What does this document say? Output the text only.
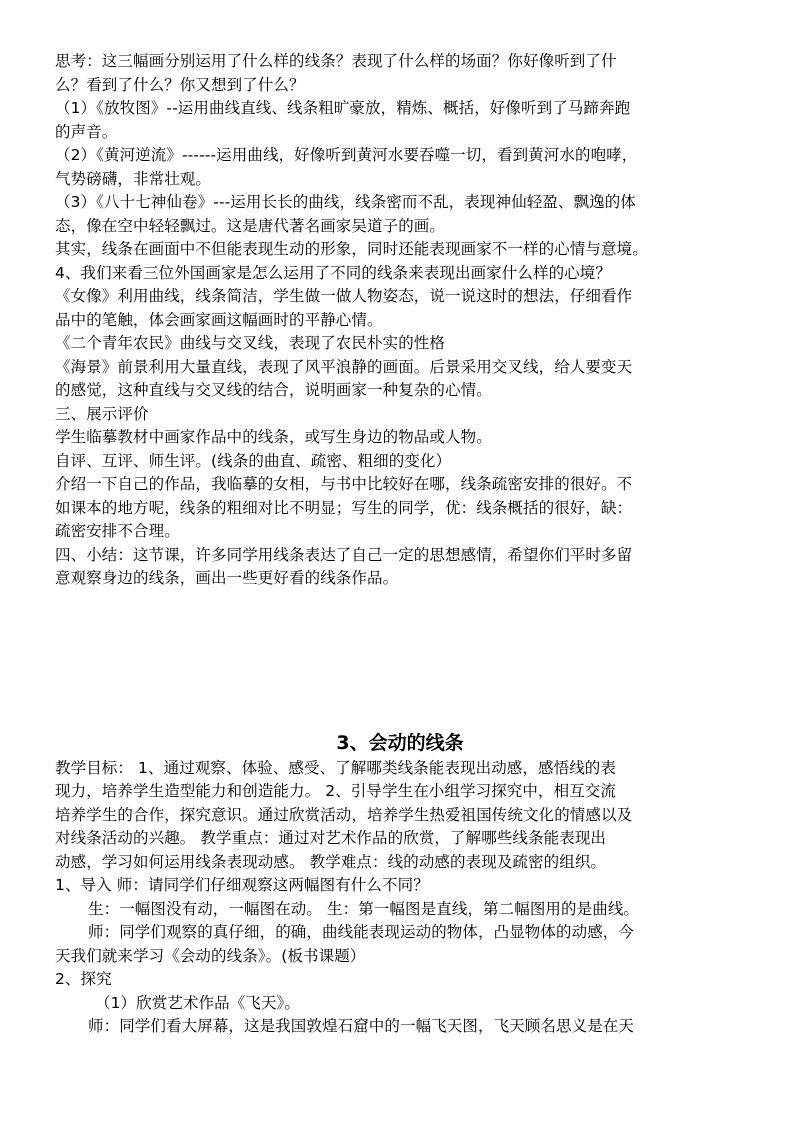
思考：这三幅画分别运用了什么样的线条？表现了什么样的场面？你好像听到了什

么？看到了什么？你又想到了什么？

（1）《放牧图》--运用曲线直线、线条粗旷豪放，精炼、概括，好像听到了马蹄奔跑

的声音。

（2）《黄河逆流》------运用曲线，好像听到黄河水要吞噬一切，看到黄河水的咆哮，

气势磅礴，非常壮观。

（3）《八十七神仙卷》---运用长长的曲线，线条密而不乱，表现神仙轻盈、飘逸的体

态，像在空中轻轻飘过。这是唐代著名画家吴道子的画。

其实，线条在画面中不但能表现生动的形象，同时还能表现画家不一样的心情与意境。

4、我们来看三位外国画家是怎么运用了不同的线条来表现出画家什么样的心境？

《女像》利用曲线，线条简洁，学生做一做人物姿态，说一说这时的想法，仔细看作

品中的笔触，体会画家画这幅画时的平静心情。

《二个青年农民》曲线与交叉线，表现了农民朴实的性格

《海景》前景利用大量直线，表现了风平浪静的画面。后景采用交叉线，给人要变天

的感觉，这种直线与交叉线的结合，说明画家一种复杂的心情。

三、展示评价

学生临摹教材中画家作品中的线条，或写生身边的物品或人物。

自评、互评、师生评。(线条的曲直、疏密、粗细的变化）

介绍一下自己的作品，我临摹的女相，与书中比较好在哪，线条疏密安排的很好。不

如课本的地方呢，线条的粗细对比不明显；写生的同学，优：线条概括的很好，缺：

疏密安排不合理。

四、小结：这节课，许多同学用线条表达了自己一定的思想感情，希望你们平时多留

意观察身边的线条，画出一些更好看的线条作品。

3、会动的线条

教学目标： 1、通过观察、体验、感受、了解哪类线条能表现出动感，感悟线的表

现力，培养学生造型能力和创造能力。 2、引导学生在小组学习探究中，相互交流

培养学生的合作，探究意识。通过欣赏活动，培养学生热爱祖国传统文化的情感以及

对线条活动的兴趣。 教学重点：通过对艺术作品的欣赏，了解哪些线条能表现出

动感，学习如何运用线条表现动感。 教学难点：线的动感的表现及疏密的组织。

1、导入 师：请同学们仔细观察这两幅图有什么不同？

生：一幅图没有动，一幅图在动。 生：第一幅图是直线，第二幅图用的是曲线。

师：同学们观察的真仔细，的确，曲线能表现运动的物体，凸显物体的动感，今

天我们就来学习《会动的线条》。(板书课题）

2、探究

（1）欣赏艺术作品《飞天》。

师：同学们看大屏幕，这是我国敦煌石窟中的一幅飞天图，飞天顾名思义是在天
